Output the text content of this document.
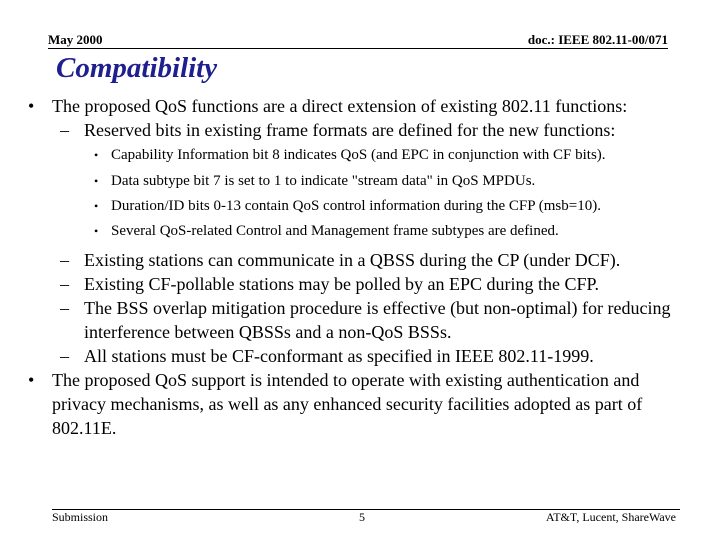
May 2000	doc.: IEEE 802.11-00/071
Compatibility
• The proposed QoS functions are a direct extension of existing 802.11 functions:
– Reserved bits in existing frame formats are defined for the new functions:
• Capability Information bit 8 indicates QoS (and EPC in conjunction with CF bits).
• Data subtype bit 7 is set to 1 to indicate "stream data" in QoS MPDUs.
• Duration/ID bits 0-13 contain QoS control information during the CFP (msb=10).
• Several QoS-related Control and Management frame subtypes are defined.
– Existing stations can communicate in a QBSS during the CP (under DCF).
– Existing CF-pollable stations may be polled by an EPC during the CFP.
– The BSS overlap mitigation procedure is effective (but non-optimal) for reducing interference between QBSSs and a non-QoS BSSs.
– All stations must be CF-conformant as specified in IEEE 802.11-1999.
• The proposed QoS support is intended to operate with existing authentication and privacy mechanisms, as well as any enhanced security facilities adopted as part of 802.11E.
Submission	5	AT&T, Lucent, ShareWave
